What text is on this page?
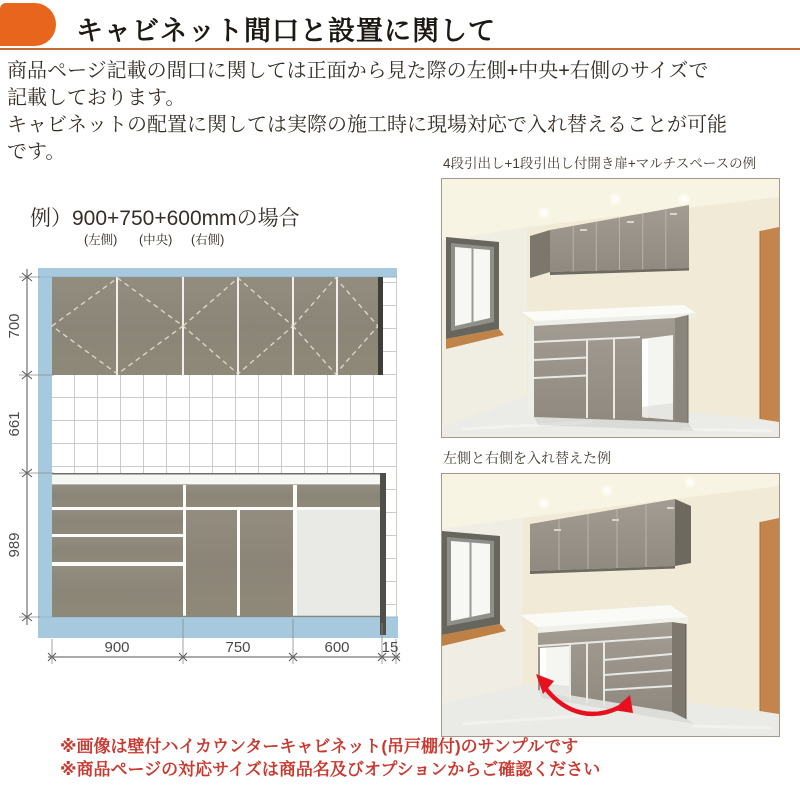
キャビネット間口と設置に関して
商品ページ記載の間口に関しては正面から見た際の左側+中央+右側のサイズで
記載しております。
キャビネットの配置に関しては実際の施工時に現場対応で入れ替えることが可能
です。
例）900+750+600mmの場合
(左側) (中央) (右側)
700
661
989
900	750	600 15
4段引出し+1段引出し付開き扉+マルチスペースの例
左側と右側を入れ替えた例
※画像は壁付ハイカウンターキャビネット(吊戸棚付)のサンプルです
※商品ページの対応サイズは商品名及びオプションからご確認ください
